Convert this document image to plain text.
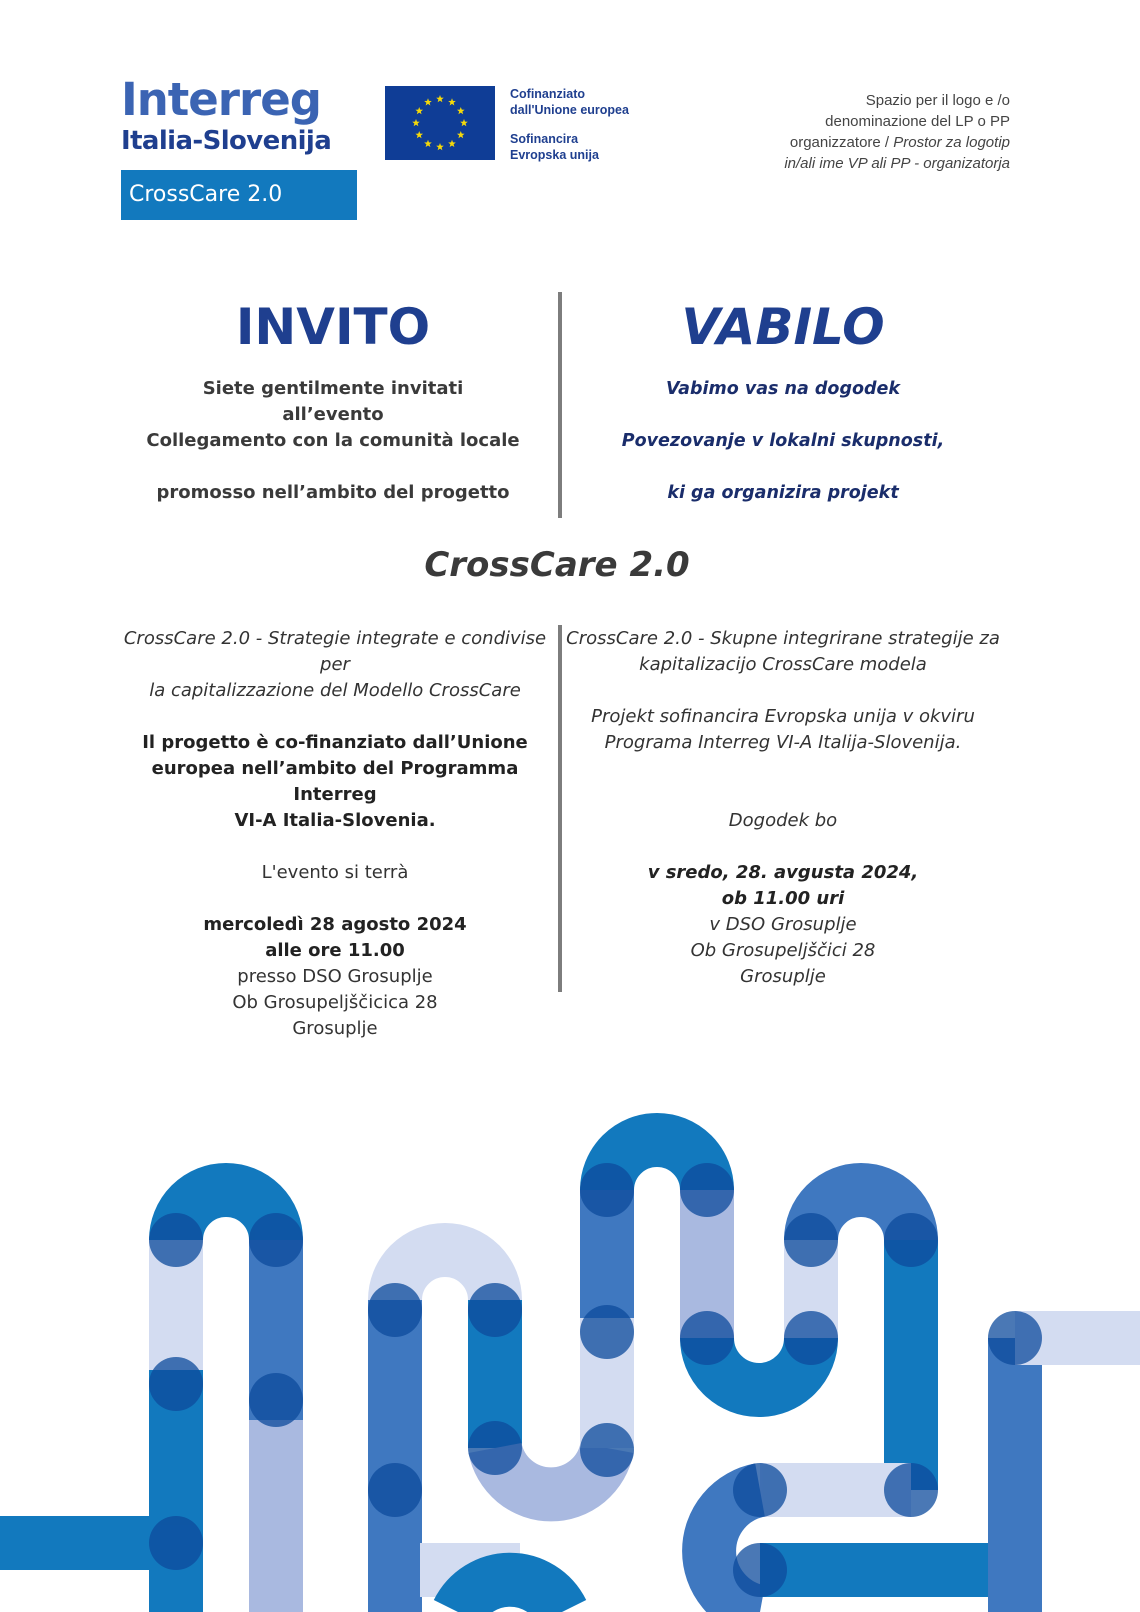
Interreg
Italia-Slovenija
CrossCare 2.0
Cofinanziato
dall'Unione europea
Sofinancira
Evropska unija
Spazio per il logo e /o
denominazione del LP o PP
organizzatore / Prostor za logotip
in/ali ime VP ali PP - organizatorja
INVITO
Siete gentilmente invitati
all’evento
Collegamento con la comunità locale
promosso nell’ambito del progetto
VABILO
Vabimo vas na dogodek
Povezovanje v lokalni skupnosti,
ki ga organizira projekt
CrossCare 2.0
CrossCare 2.0 - Strategie integrate e condivise per
la capitalizzazione del Modello CrossCare
Il progetto è co-finanziato dall’Unione
europea nell’ambito del Programma Interreg
VI-A Italia-Slovenia.
L'evento si terrà
mercoledì 28 agosto 2024
alle ore 11.00
presso DSO Grosuplje
Ob Grosupeljščicica 28
Grosuplje
CrossCare 2.0 - Skupne integrirane strategije za
kapitalizacijo CrossCare modela
Projekt sofinancira Evropska unija v okviru
Programa Interreg VI-A Italija-Slovenija.
Dogodek bo
v sredo, 28. avgusta 2024,
ob 11.00 uri
v DSO Grosuplje
Ob Grosupeljščici 28
Grosuplje
